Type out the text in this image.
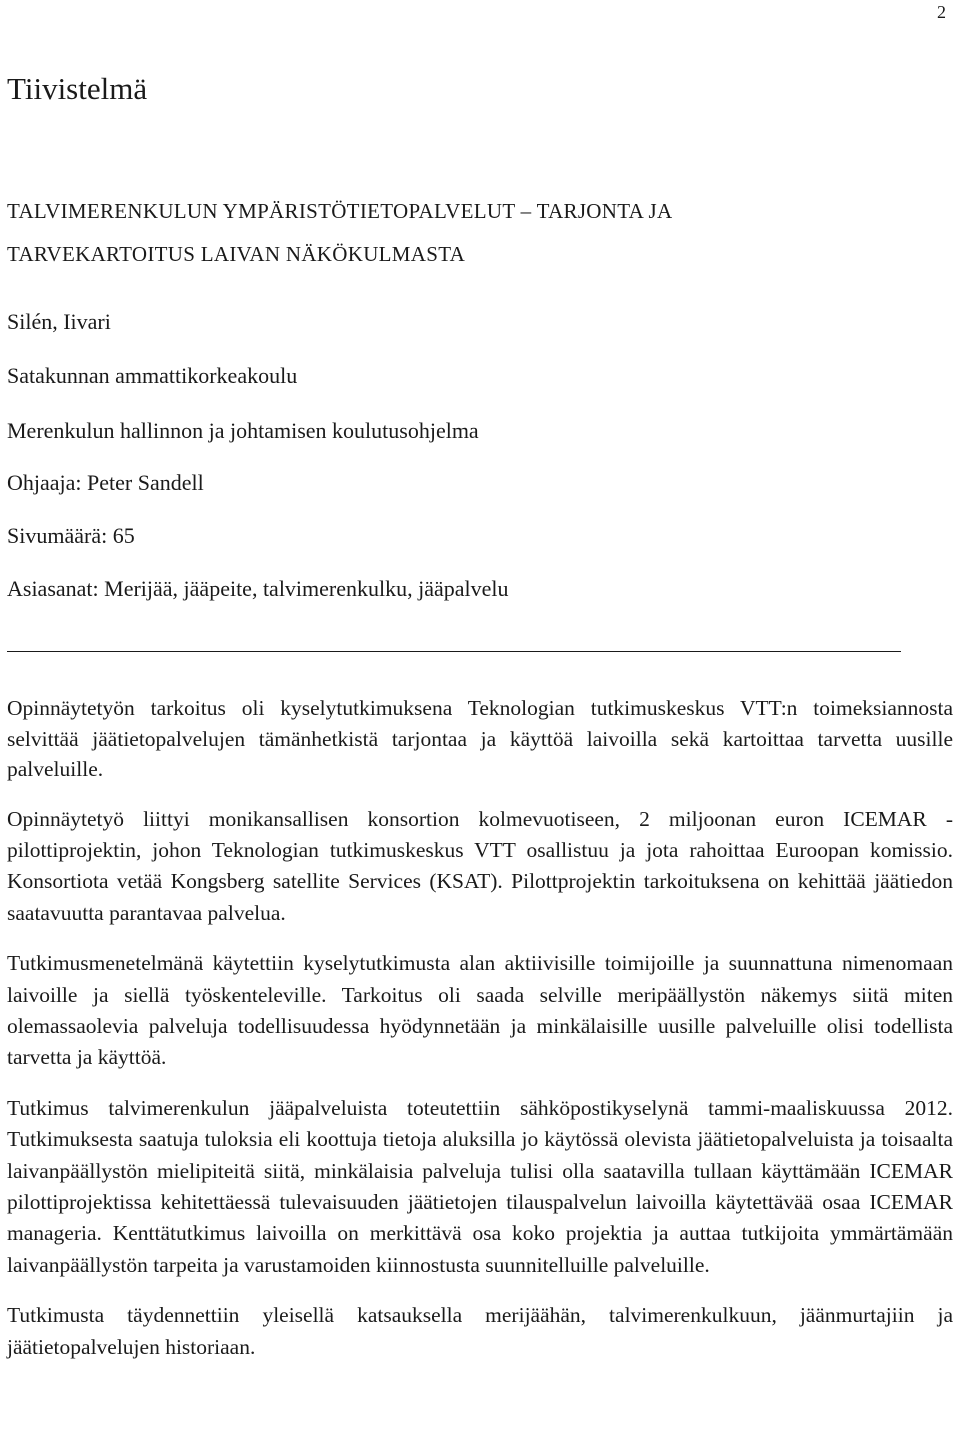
2

Tiivistelmä

TALVIMERENKULUN YMPÄRISTÖTIETOPALVELUT – TARJONTA JA

TARVEKARTOITUS LAIVAN NÄKÖKULMASTA

Silén, Iivari

Satakunnan ammattikorkeakoulu

Merenkulun hallinnon ja johtamisen koulutusohjelma

Ohjaaja: Peter Sandell

Sivumäärä: 65

Asiasanat: Merijää, jääpeite, talvimerenkulku, jääpalvelu

Opinnäytetyön tarkoitus oli kyselytutkimuksena Teknologian tutkimuskeskus VTT:n toimeksiannosta selvittää jäätietopalvelujen tämänhetkistä tarjontaa ja käyttöä laivoilla sekä kartoittaa tarvetta uusille palveluille.

Opinnäytetyö liittyi monikansallisen konsortion kolmevuotiseen, 2 miljoonan euron ICEMAR -pilottiprojektin, johon Teknologian tutkimuskeskus VTT osallistuu ja jota rahoittaa Euroopan komissio. Konsortiota vetää Kongsberg satellite Services (KSAT). Pilottprojektin tarkoituksena on kehittää jäätiedon saatavuutta parantavaa palvelua.

Tutkimusmenetelmänä käytettiin kyselytutkimusta alan aktiivisille toimijoille ja suunnattuna nimenomaan laivoille ja siellä työskenteleville. Tarkoitus oli saada selville meripäällystön näkemys siitä miten olemassaolevia palveluja todellisuudessa hyödynnetään ja minkälaisille uusille palveluille olisi todellista tarvetta ja käyttöä.

Tutkimus talvimerenkulun jääpalveluista toteutettiin sähköpostikyselynä tammi-maaliskuussa 2012. Tutkimuksesta saatuja tuloksia eli koottuja tietoja aluksilla jo käytössä olevista jäätietopalveluista ja toisaalta laivanpäällystön mielipiteitä siitä, minkälaisia palveluja tulisi olla saatavilla tullaan käyttämään ICEMAR pilottiprojektissa kehitettäessä tulevaisuuden jäätietojen tilauspalvelun laivoilla käytettävää osaa ICEMAR manageria. Kenttätutkimus laivoilla on merkittävä osa koko projektia ja auttaa tutkijoita ymmärtämään laivanpäällystön tarpeita ja varustamoiden kiinnostusta suunnitelluille palveluille.

Tutkimusta täydennettiin yleisellä katsauksella merijäähän, talvimerenkulkuun, jäänmurtajiin ja jäätietopalvelujen historiaan.
